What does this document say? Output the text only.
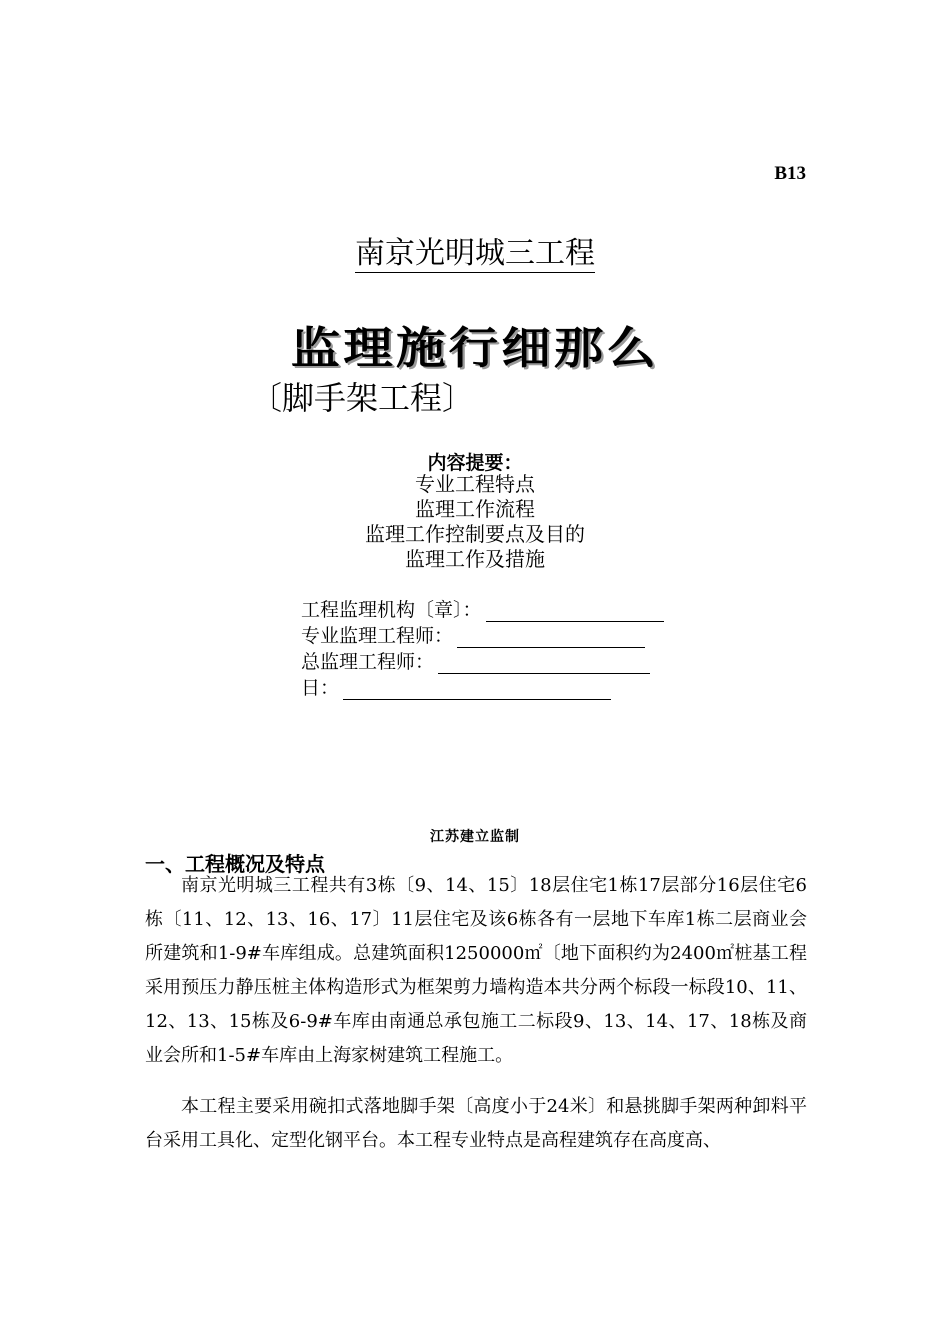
B13
南京光明城三工程
监理施行细那么
〔脚手架工程〕
内容提要：
专业工程特点
监理工作流程
监理工作控制要点及目的
监理工作及措施
工程监理机构〔章〕：
专业监理工程师：
总监理工程师：
日：
江苏建立监制
一、工程概况及特点
南京光明城三工程共有3栋〔9、14、15〕18层住宅1栋17层部分16层住宅6栋〔11、12、13、16、17〕11层住宅及该6栋各有一层地下车库1栋二层商业会所建筑和1-9#车库组成。总建筑面积1250000㎡〔地下面积约为2400㎡桩基工程采用预压力静压桩主体构造形式为框架剪力墙构造本共分两个标段一标段10、11、12、13、15栋及6-9#车库由南通总承包施工二标段9、13、14、17、18栋及商业会所和1-5#车库由上海家树建筑工程施工。
本工程主要采用碗扣式落地脚手架〔高度小于24米〕和悬挑脚手架两种卸料平台采用工具化、定型化钢平台。本工程专业特点是高程建筑存在高度高、
